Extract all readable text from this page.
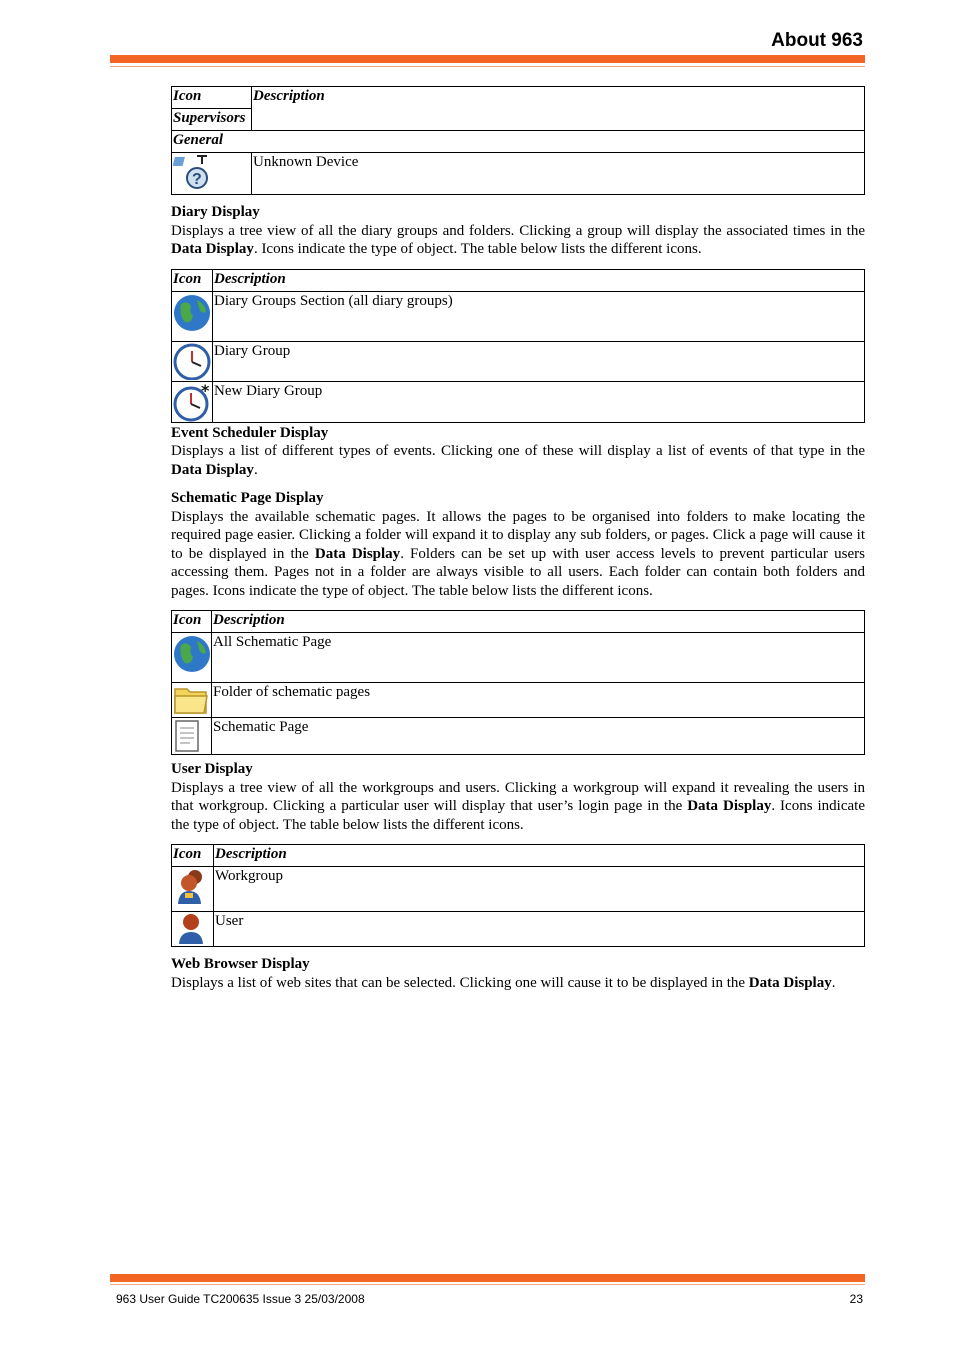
About 963
Icon	Description
Supervisors	
General	

?	Unknown Device
Diary Display

Displays a tree view of all the diary groups and folders. Clicking a group will display the associated times in the Data Display. Icons indicate the type of object. The table below lists the different icons.

Icon	Description

	Diary Groups Section (all diary groups)

	Diary Group

*	New Diary Group
Event Scheduler Display

Displays a list of different types of events. Clicking one of these will display a list of events of that type in the Data Display.

Schematic Page Display

Displays the available schematic pages. It allows the pages to be organised into folders to make locating the required page easier. Clicking a folder will expand it to display any sub folders, or pages. Click a page will cause it to be displayed in the Data Display. Folders can be set up with user access levels to prevent particular users accessing them. Pages not in a folder are always visible to all users. Each folder can contain both folders and pages. Icons indicate the type of object. The table below lists the different icons.

Icon	Description

	All Schematic Page

	Folder of schematic pages

	Schematic Page
User Display

Displays a tree view of all the workgroups and users. Clicking a workgroup will expand it revealing the users in that workgroup. Clicking a particular user will display that user’s login page in the Data Display. Icons indicate the type of object. The table below lists the different icons.

Icon	Description

	Workgroup

	User
Web Browser Display

Displays a list of web sites that can be selected. Clicking one will cause it to be displayed in the Data Display.

963 User Guide TC200635 Issue 3 25/03/2008	23
